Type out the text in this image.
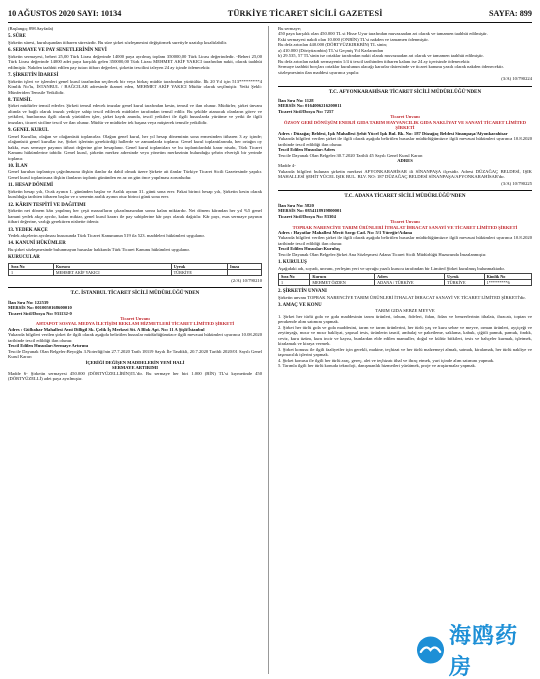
10 AĞUSTOS 2020 SAYI: 10134	TÜRKİYE TİCARET SİCİLİ GAZETESİ	SAYFA: 899
(Başlangıç 898.Sayfada)
5. SÜRE
Şirketin süresi, kuruluşundan itibaren süresizdir. Bu süre şirket sözleşmesini değiştirmek suretiyle uzatılıp kısaltılabilir.
6. SERMAYE VE PAY SENETLERİNİN NEVİ
Şirketin sermayesi, beheri 25,00 Türk Lirası değerinde 14000 paya ayrılmış toplam 350000,00 Türk Lirası değerindedir. -Beheri 25,00 Türk Lirası değerinde 14000 adet paya karşılık gelen 350000,00 Türk Lirası MEHMET AKİF YAKICI tarafından nakit, olarak taahhüt edilmiştir. Nakden taahhüt edilen pay tutarı itibarı değerleri, şirketin tescilini izleyen 24 ay içinde ödenecektir.
7. ŞİRKETİN İDARESİ
Şirketin işleri ve işlemleri genel kurul tarafından seçilecek bir veya birkaç müdür tarafından yürütülür. İlk 20 Yıl için 513*********4 Kimlik No'lu, İSTANBUL / BAĞCILAR adresinde ikamet eden, MEHMET AKİF YAKICI Müdür olarak seçilmiştir. Yetki Şekli: Münferiden Temsile Yetkilidir.
8. TEMSİL
Şirket müdürler temsil ederler. Şirketi temsil edecek imzalar genel kurul tarafından kesin, temsil ve ilan olunur. Müdürler, şirket ünvanı altında ve bağlı olarak imzalı yetkiye sahip tescil edilecek müdürler tarafından temsil edilir. Bu şekilde atanacak olanların görev ve yetkileri, bunlarınsa ilgili olarak yürütülen işler, şirket kaydı anında, tescil yetkileri ile ilgili hususlarda yürütme ve yetki ile ilgili imzaları, ticaret siciline tescil ve ilan olunur. Müdür ve müdürler tek başına veya müşterek temsile yetkilidir.
9. GENEL KURUL
Genel Kurullar, olağan ve olağanüstü toplanırlar. Olağan genel kurul, her yıl hesap döneminin sona ermesinden itibaren 3 ay içinde; olağanüstü genel kurullar ise, Şirket işlerinin gerektirdiği hallerde ve zamanlarda toplanır. Genel kurul toplantılarında, her ortağın oy hakkı, esas sermaye payının itibari değerine göre hesaplanır. Genel kurul toplantıları ve bu toplantılardaki karar nisabı, Türk Ticaret Kanunu hükümlerine tabidir. Genel kurul, şirketin merkez adresinde veya yönetim merkezinin bulunduğu şehrin elverişli bir yerinde toplanır.
10. İLAN
Genel kurulun toplantıya çağrılmasına ilişkin ilanlar da dahil olmak üzere Şirkete ait ilanlar Türkiye Ticaret Sicili Gazetesinde yapılır. Genel kurul toplantısına ilişkin ilanların toplantı gününden en az on gün önce yapılması zorunludur.
11. HESAP DÖNEMİ
Şirketin hesap yılı, Ocak ayının 1. gününden başlar ve Aralık ayının 31. günü sona erer. Fakat birinci hesap yılı, Şirketin kesin olarak kurulduğu tarihten itibaren başlar ve o senenin aralık ayının otuz birinci günü sona erer.
12. KÂRIN TESPİTİ VE DAĞITIMI
Şirketin net dönem kârı yapılmış her çeşit masrafların çıkarılmasından sonra kalan miktardır. Net dönem kârından her yıl %5 genel kanuni yedek akçe ayrılır, kalan miktar, genel kurul kararı ile pay sahiplerine kâr payı olarak dağıtılır. Kâr payı, esas sermaye payının itibari değerine, varlığı gerektiren nisbette ödenir.
13. YEDEK AKÇE
Yedek akçelerin ayrılması hususunda Türk Ticaret Kanununun 519 ila 523. maddeleri hükümleri uygulanır.
14. KANUNİ HÜKÜMLER
Bu şirket sözleşmesinde bulunmayan hususlar hakkında Türk Ticaret Kanunu hükümleri uygulanır.
KURUCULAR
Sıra No	Kurucu	Uyruk	Imza
1	MEHMET AKİF YAKICI	TÜRKİYE	
(2/A) 10/790210
T.C. İSTANBUL TİCARET SİCİLİ MÜDÜRLÜĞÜ'NDEN
İlan Sıra No: 122539
MERSİS No: 0010050168600010
Ticaret Sicil/Dosya No: 931132-0
Ticaret Unvanı
AHTAPOT SOSYAL MEDYA İLETİŞİM REKLAM HİZMETLERİ TİCARET LİMİTED ŞİRKETİ
Adres : Gülbahar Mahallesi Avni Dilligil Sk. Çelik İş Merkezi Sit. A Blok Apt. No: 11 A Şişli/İstanbul
Yukarıda bilgileri verilen şirket ile ilgili olarak aşağıda belirtilen hususlar müdürlüğümüzce ilgili mevzuat hükümleri uyarınca 10.08.2020 tarihinde tescil edildiği ilan olunur.
Tescil Edilen Hususlar:Sermaye Artırımı
Tescile Dayanak Olan Belgeler:Beyoğlu 3.Noterliği'nin 27.7.2020 Tarih 18319 Sayılı İle Tasdikli, 20.7.2020 Tarihli 2020/01 Sayılı Genel Kurul Kararı
İÇERİĞİ DEĞİŞEN MADDELERİN YENİ HALİ
SERMAYE ARTIRIMI
Madde 6- Şirketin sermayesi 450.000 (DÖRTYÜZELLİBİN)TL'dir. Bu sermaye her biri 1.000 (BİN) TL'si kıymetinde 450 (DÖRTYÜZELLİ) adet paya ayrılmıştır.
Bu sermaye;
450 paya karşılık olan 450.000 TL si Hisse Uyur tarafından muvazaadan ari olarak ve tamamen taahhüt edilmiştir.
Eski sermayesi nakdi olan 10.000 (ONBİN) TL'si nakden ve tamamen ödenmiştir.
Bu defa artırılan 440.000 (DÖRTYÜZKIRKBİN) TL sinin;
a) 410.000 (Dörtyüzonbin) TL'si Geçmiş Yıl Karlarından
b) 29.535, 57 TL'sinin ise ortaklar tarafından nakit olarak muvazaadan ari olarak ve tamamen taahhüt edilmiştir.
Bu defa artırılan nakdi sermayenin 1/4 ü tescil tarihinden itibaren kalanı ise 24 ay içerisinde ödenecektir.
Sermaye taahhüt borçları ortaklar kurulunun alacağı kararlar dairesinde ve ticaret kanunu yazılı olarak nakden ödenecektir.
sözleşmesinin ilan maddesi uyarınca yapılır.
(3/A) 10/790224
T.C. AFYONKARAHİSAR TİCARET SİCİLİ MÜDÜRLÜĞÜ'NDEN
İlan Sıra No: 1128
MERSİS No: 0164006216200011
Ticaret Sicil/Dosya No: 7257
Ticaret Unvanı
ÖZSOY GERİ DÖNÜŞÜM ENERJİ GIDA TARIM HAYVANCILIK GIDA NAKLİYAT VE SANAYİ TİCARET LİMİTED ŞİRKETİ
Adres : Düzağaç Beldesi, Işık Mahallesi Şehit Yücel Işık Bul. Bk. No: 187 Düzağaç Beldesi Sinanpaşa/Afyonkarahisar
Yukarıda bilgileri verilen şirket ile ilgili olarak aşağıda belirtilen hususlar müdürlüğümüzce ilgili mevzuat hükümleri uyarınca 10.8.2020 tarihinde tescil edildiği ilan olunur.
Tescil Edilen Hususlar:Adres
Tescile Dayanak Olan Belgeler:30.7.2020 Tarihli 45 Sayılı Genel Kurul Kararı
ADRES
Madde 4-
Yukarıda bilgileri bulunan şirketin merkezi AFYONKARAHİSAR ili SİNANPAŞA ilçesidir. Adresi DÜZAĞAÇ BELDESİ, IŞIK MAHALLESİ ŞEHİT YÜCEL IŞIK BUL. BLV. NO: 187 DÜZAĞAÇ BELDESİ SİNANPAŞA/AFYONKARAHİSAR'dır.
(3/A) 10/790225
T.C. ADANA TİCARET SİCİLİ MÜDÜRLÜĞÜ'NDEN
İlan Sıra No: 5820
MERSİS No: 0854118919800001
Ticaret Sicil/Dosya No: 83304
Ticaret Unvanı
TOPRAK NARENCİYE TARIM ÜRÜNLERİ İTHALAT İHRACAT SANAYİ VE TİCARET LİMİTED ŞİRKETİ
Adres : Hayatlar Mahallesi Mecit Savgı Cad. No: 5/1 Yüreğir/Adana
Yukarıda bilgileri verilen şirket ile ilgili olarak aşağıda belirtilen hususlar müdürlüğümüzce ilgili mevzuat hükümleri uyarınca 10.8.2020 tarihinde tescil edildiği ilan olunur.
Tescil Edilen Hususlar:Kuruluş
Tescile Dayanak Olan Belgeler:Şirket Ana Sözleşmesi Adana Ticaret Sicili Müdürlüğü Huzurunda İmzalanmıştır.
1. KURULUŞ
Aşağıdaki adı, soyadı, unvanı, yerleşim yeri ve uyruğu yazılı kurucu tarafından bir Limited Şirket kurulmuş bulunmaktadır.
Sıra No	Kurucu	Adres	Uyruk	Kimlik No
1	MEHMET ÖZDEN	ADANA / TÜRKİYE	TÜRKİYE	1*********6
2. ŞİRKETİN UNVANI
Şirketin unvanı TOPRAK NARENCİYE TARIM ÜRÜNLERİ İTHALAT İHRACAT SANAYİ VE TİCARET LİMİTED ŞİRKETİ'dir.
3. AMAÇ VE KONU
TARIM GIDA SEBZE MEYVE
1. Şirket her türlü gıda ve gıda maddesinin tarım ürünleri, tohum, fideleri, fidan, fidan ve benzerlerinin ithalatı, ihracatı, toptan ve perakende alım satımını yapmak.
2. Şirket her türlü gıda ve gıda maddesini, tarım ve tarım ürünlerini, her türlü yaş ve kuru sebze ve meyve, orman ürünleri, ayçiçeği ve zeytinyağı, mısır ve mısır bakliyat, yapısal tesis, ürünlerin tasnif, ambalaj ve paketleme, saklama, kabuk, çiğitli pamuk, pamuk, fındık, ceviz, kuru üzüm, kuru incir ve kayısı, bunlardan elde edilen mamuller, doğal ve kültür bitkileri, tesis ve bahçeler kurmak, işletmek, kiralamak ve kiraya vermek.
3. Şirket konusu ile ilgili faaliyetler için gerekli, makine, teçhizat ve her türlü malzemeyi almak, satmak, kiralamak, her türlü nakliye ve taşımacılık işlerini yapmak.
4. Şirket konusu ile ilgili her türlü araç, gereç, alet ve teçhizatı ithal ve ihraç etmek, yurt içinde alım satımını yapmak.
5. Tarımla ilgili her türlü konuda teknoloji, danışmanlık hizmetleri yürütmek, proje ve araştırmalar yapmak.
海鸥药房
